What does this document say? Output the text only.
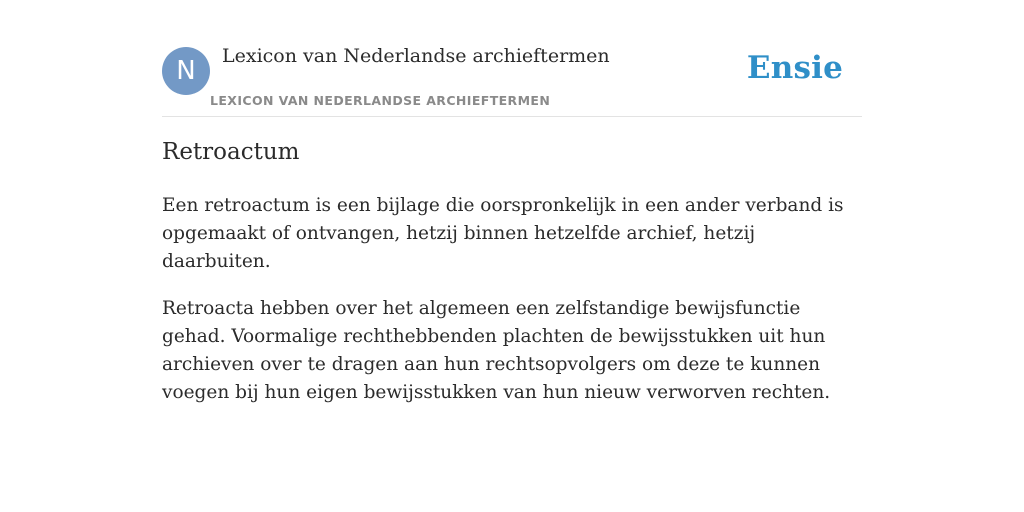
N	Lexicon van Nederlandse archieftermen
LEXICON VAN NEDERLANDSE ARCHIEFTERMEN
Ensie
Retroactum

Een retroactum is een bijlage die oorspronkelijk in een ander verband is opgemaakt of ontvangen, hetzij binnen hetzelfde archief, hetzij daarbuiten.

Retroacta hebben over het algemeen een zelfstandige bewijsfunctie gehad. Voormalige rechthebbenden plachten de bewijsstukken uit hun archieven over te dragen aan hun rechtsopvolgers om deze te kunnen voegen bij hun eigen bewijsstukken van hun nieuw verworven rechten.
